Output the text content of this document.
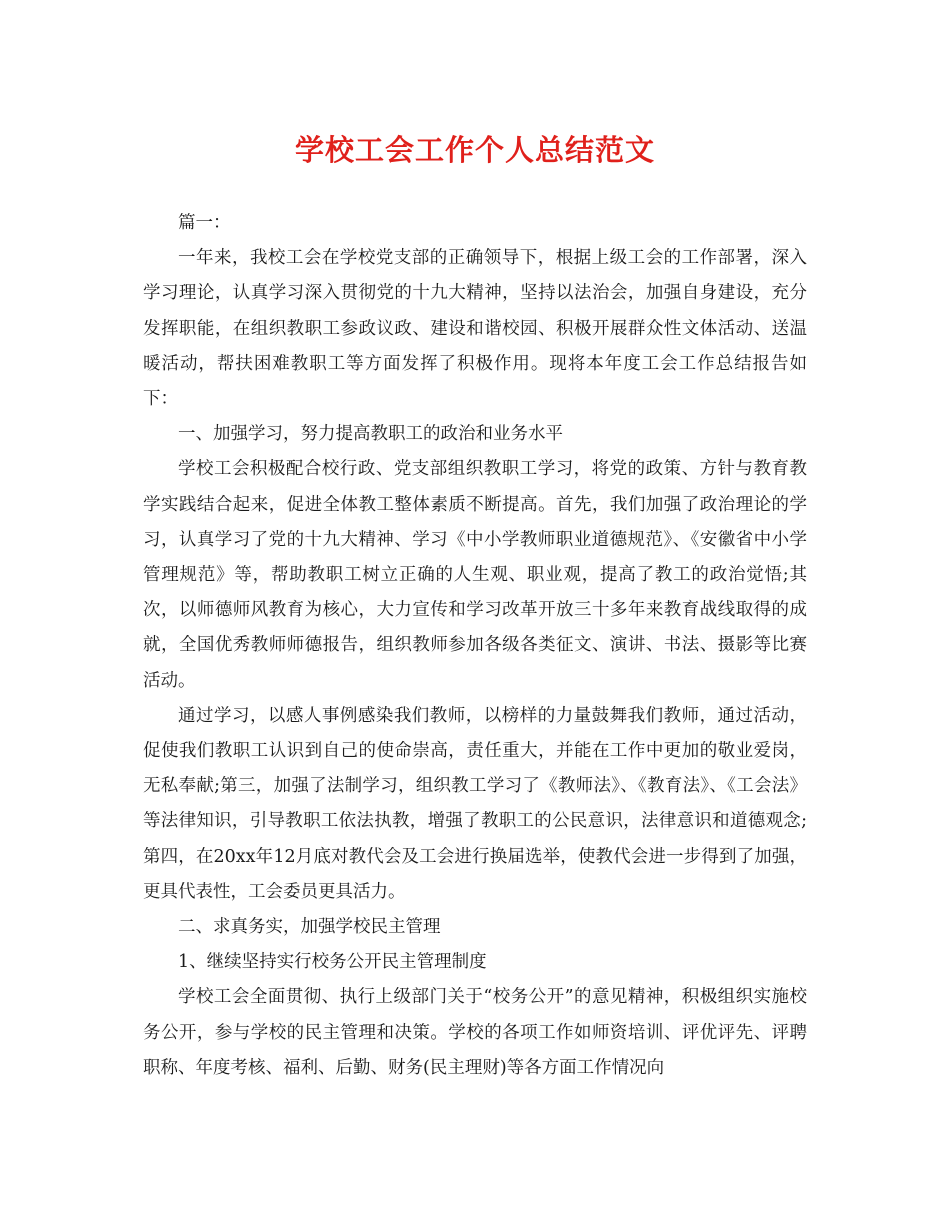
学校工会工作个人总结范文

篇一：

一年来，我校工会在学校党支部的正确领导下，根据上级工会的工作部署，深入学习理论，认真学习深入贯彻党的十九大精神，坚持以法治会，加强自身建设，充分发挥职能，在组织教职工参政议政、建设和谐校园、积极开展群众性文体活动、送温暖活动，帮扶困难教职工等方面发挥了积极作用。现将本年度工会工作总结报告如下：

一、加强学习，努力提高教职工的政治和业务水平

学校工会积极配合校行政、党支部组织教职工学习，将党的政策、方针与教育教学实践结合起来，促进全体教工整体素质不断提高。首先，我们加强了政治理论的学习，认真学习了党的十九大精神、学习《中小学教师职业道德规范》、《安徽省中小学管理规范》等，帮助教职工树立正确的人生观、职业观，提高了教工的政治觉悟;其次，以师德师风教育为核心，大力宣传和学习改革开放三十多年来教育战线取得的成就，全国优秀教师师德报告，组织教师参加各级各类征文、演讲、书法、摄影等比赛活动。

通过学习，以感人事例感染我们教师，以榜样的力量鼓舞我们教师，通过活动，促使我们教职工认识到自己的使命崇高，责任重大，并能在工作中更加的敬业爱岗，无私奉献;第三，加强了法制学习，组织教工学习了《教师法》、《教育法》、《工会法》等法律知识，引导教职工依法执教，增强了教职工的公民意识，法律意识和道德观念;第四，在20xx年12月底对教代会及工会进行换届选举，使教代会进一步得到了加强，更具代表性，工会委员更具活力。

二、求真务实，加强学校民主管理

1、继续坚持实行校务公开民主管理制度

学校工会全面贯彻、执行上级部门关于“校务公开”的意见精神，积极组织实施校务公开，参与学校的民主管理和决策。学校的各项工作如师资培训、评优评先、评聘职称、年度考核、福利、后勤、财务(民主理财)等各方面工作情况向
